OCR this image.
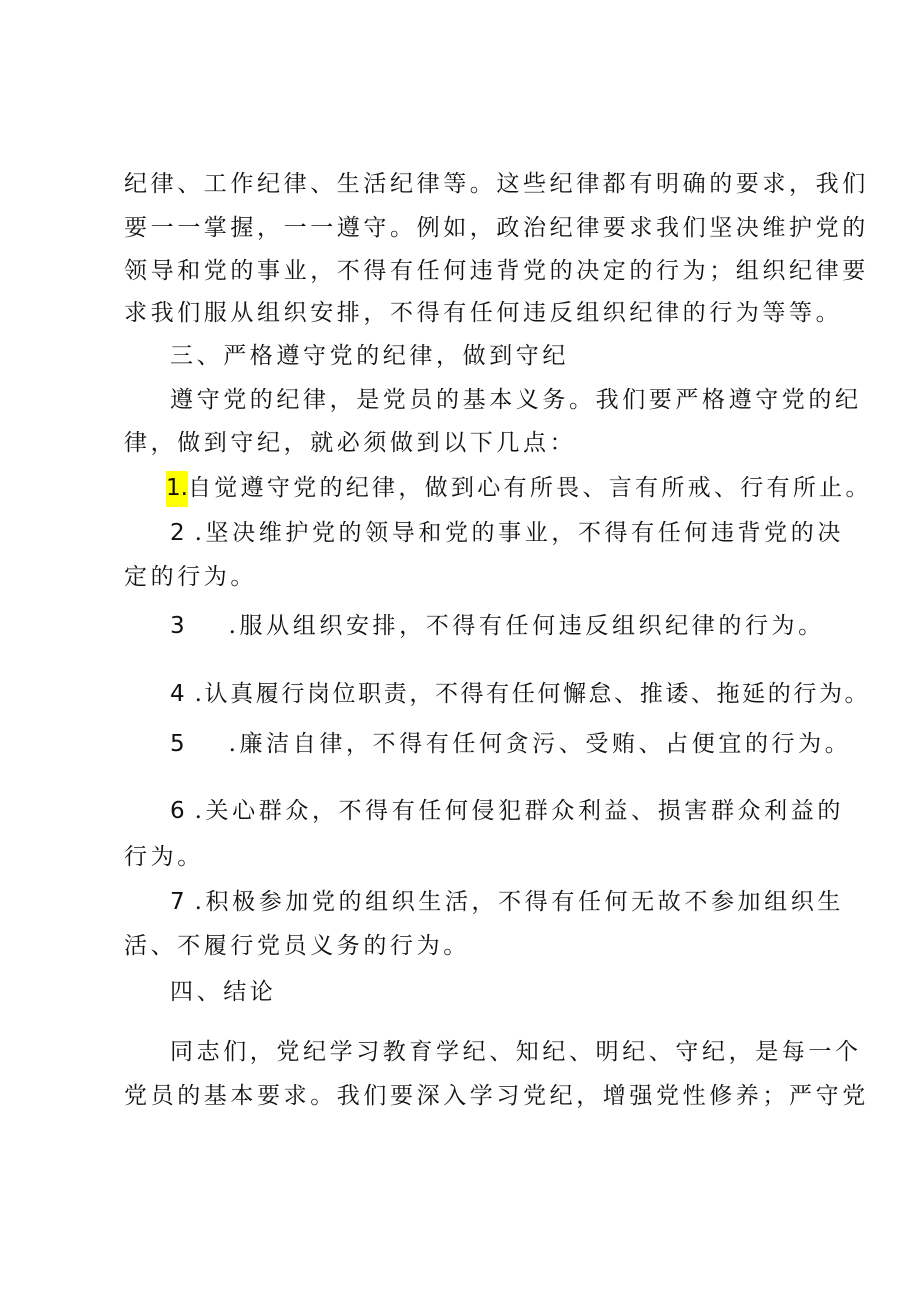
纪律、工作纪律、生活纪律等。这些纪律都有明确的要求，我们
要一一掌握，一一遵守。例如，政治纪律要求我们坚决维护党的
领导和党的事业，不得有任何违背党的决定的行为；组织纪律要
求我们服从组织安排，不得有任何违反组织纪律的行为等等。
三、严格遵守党的纪律，做到守纪
遵守党的纪律，是党员的基本义务。我们要严格遵守党的纪
律，做到守纪，就必须做到以下几点：
1.自觉遵守党的纪律，做到心有所畏、言有所戒、行有所止。
2 .坚决维护党的领导和党的事业，不得有任何违背党的决
定的行为。
3 .服从组织安排，不得有任何违反组织纪律的行为。
4 .认真履行岗位职责，不得有任何懈怠、推诿、拖延的行为。
5 .廉洁自律，不得有任何贪污、受贿、占便宜的行为。
6 .关心群众，不得有任何侵犯群众利益、损害群众利益的
行为。
7 .积极参加党的组织生活，不得有任何无故不参加组织生
活、不履行党员义务的行为。
四、结论
同志们，党纪学习教育学纪、知纪、明纪、守纪，是每一个
党员的基本要求。我们要深入学习党纪，增强党性修养；严守党
